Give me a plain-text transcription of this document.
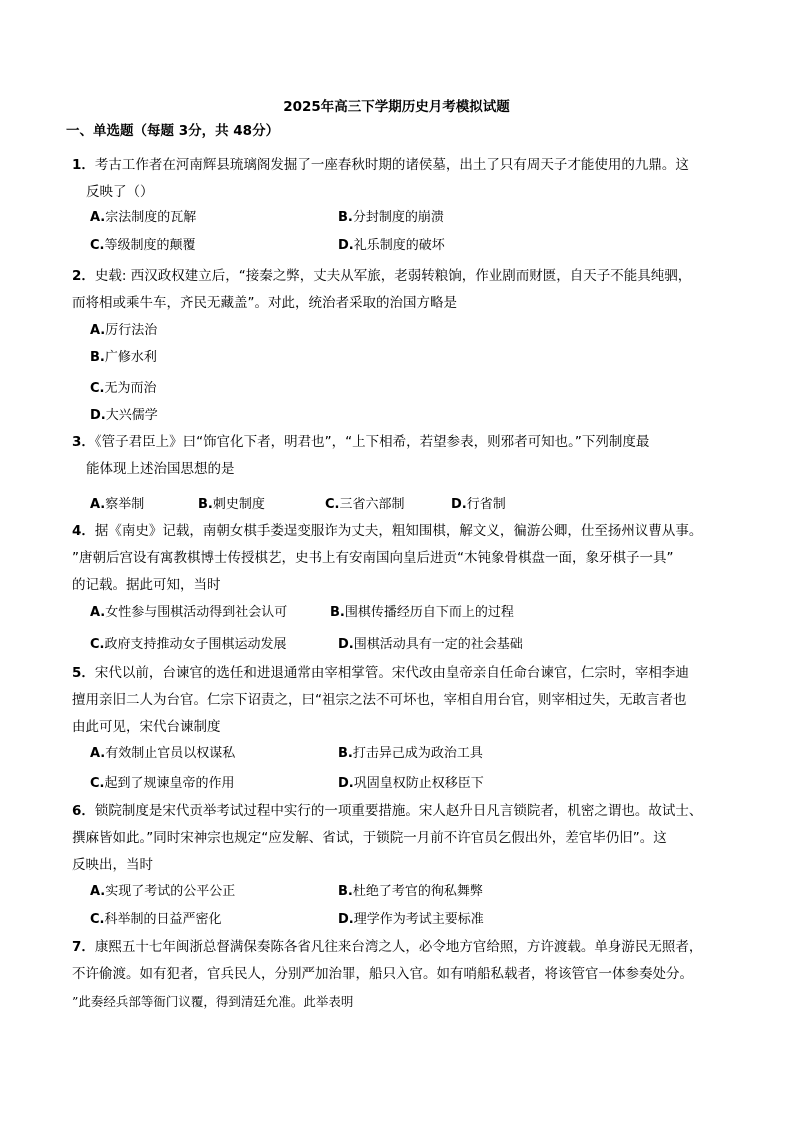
2025年高三下学期历史月考模拟试题
一、单选题（每题 3分，共 48分）
1．考古工作者在河南辉县琉璃阁发掘了一座春秋时期的诸侯墓，出土了只有周天子才能使用的九鼎。这
反映了（）
A.宗法制度的瓦解	B.分封制度的崩溃
C.等级制度的颠覆	D.礼乐制度的破坏
2．史载: 西汉政权建立后，“接秦之弊，丈夫从军旅，老弱转粮饷，作业剧而财匮，自天子不能具纯驷，
而将相或乘牛车，齐民无藏盖”。对此，统治者采取的治国方略是
A.厉行法治
B.广修水利
C.无为而治
D.大兴儒学
3．《管子君臣上》曰“饰官化下者，明君也”，“上下相希，若望参表，则邪者可知也。”下列制度最
能体现上述治国思想的是
A.察举制	B.刺史制度	C.三省六部制	D.行省制
4．据《南史》记载，南朝女棋手娄逞变服诈为丈夫，粗知围棋，解文义，徧游公卿，仕至扬州议曹从事。
”唐朝后宫设有寓教棋博士传授棋艺，史书上有安南国向皇后进贡“木钝象骨棋盘一面，象牙棋子一具”
的记载。据此可知，当时
A.女性参与围棋活动得到社会认可	B.围棋传播经历自下而上的过程
C.政府支持推动女子围棋运动发展	D.围棋活动具有一定的社会基础
5．宋代以前，台谏官的选任和进退通常由宰相掌管。宋代改由皇帝亲自任命台谏官，仁宗时，宰相李迪
擅用亲旧二人为台官。仁宗下诏责之，曰“祖宗之法不可坏也，宰相自用台官，则宰相过失，无敢言者也
由此可见，宋代台谏制度
A.有效制止官员以权谋私	B.打击异己成为政治工具
C.起到了规谏皇帝的作用	D.巩固皇权防止权移臣下
6．锁院制度是宋代贡举考试过程中实行的一项重要措施。宋人赵升日凡言锁院者，机密之谓也。故试士、
撰麻皆如此。”同时宋神宗也规定“应发解、省试，于锁院一月前不许官员乞假出外，差官毕仍旧”。这
反映出，当时
A.实现了考试的公平公正	B.杜绝了考官的徇私舞弊
C.科举制的日益严密化	D.理学作为考试主要标准
7．康熙五十七年闽浙总督满保奏陈各省凡往来台湾之人，必令地方官给照，方许渡载。单身游民无照者，
不许偷渡。如有犯者，官兵民人，分别严加治罪，船只入官。如有哨船私载者，将该管官一体参奏处分。
”此奏经兵部等衙门议覆，得到清廷允准。此举表明
